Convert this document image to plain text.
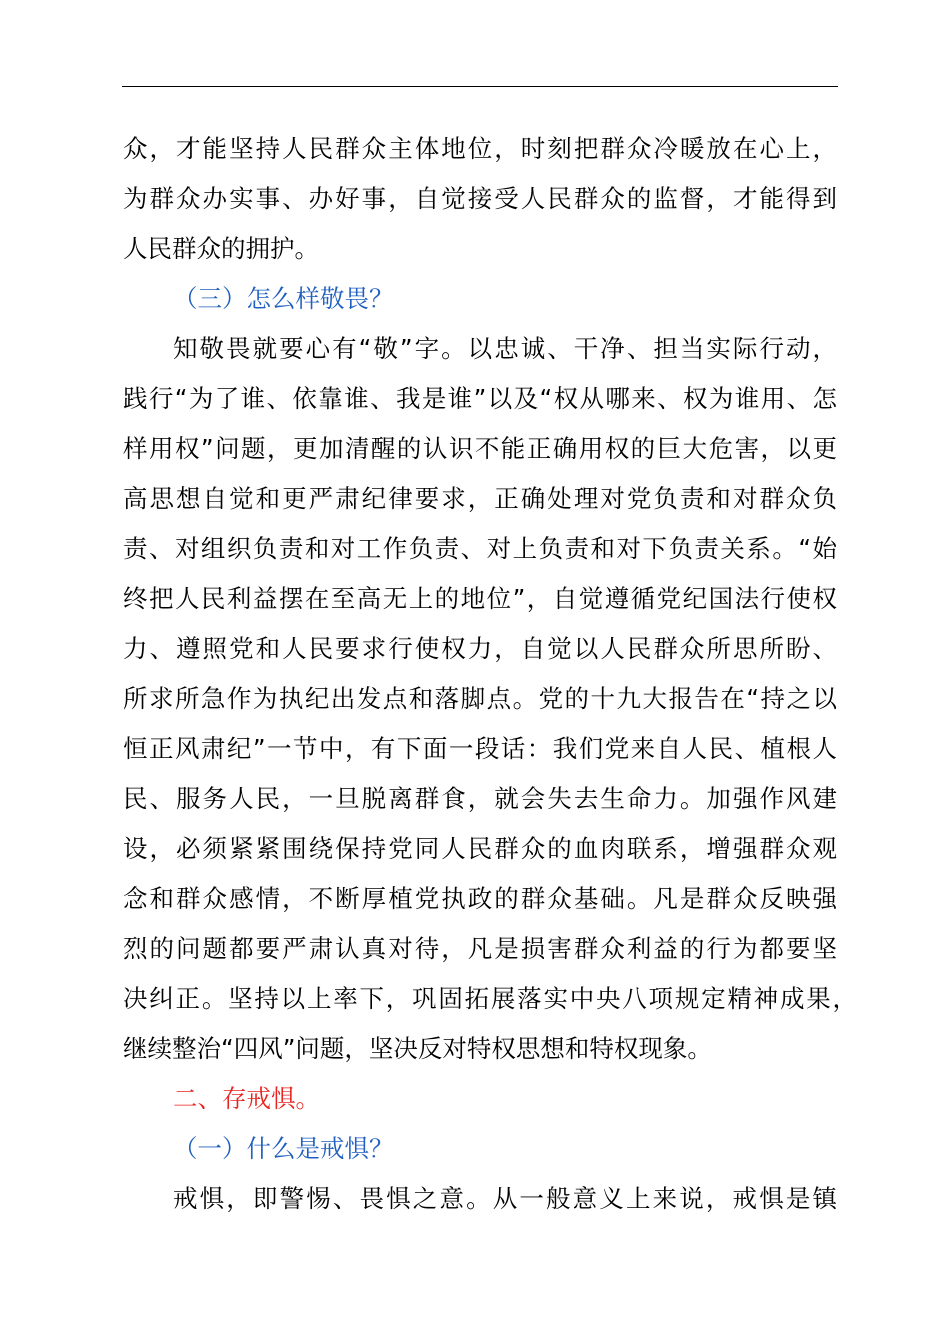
众，才能坚持人民群众主体地位，时刻把群众冷暖放在心上，
为群众办实事、办好事，自觉接受人民群众的监督，才能得到
人民群众的拥护。
（三）怎么样敬畏？
知敬畏就要心有“敬”字。以忠诚、干净、担当实际行动，
践行“为了谁、依靠谁、我是谁”以及“权从哪来、权为谁用、怎
样用权”问题，更加清醒的认识不能正确用权的巨大危害，以更
高思想自觉和更严肃纪律要求，正确处理对党负责和对群众负
责、对组织负责和对工作负责、对上负责和对下负责关系。“始
终把人民利益摆在至高无上的地位”，自觉遵循党纪国法行使权
力、遵照党和人民要求行使权力，自觉以人民群众所思所盼、
所求所急作为执纪出发点和落脚点。党的十九大报告在“持之以
恒正风肃纪”一节中，有下面一段话：我们党来自人民、植根人
民、服务人民，一旦脱离群食，就会失去生命力。加强作风建
设，必须紧紧围绕保持党同人民群众的血肉联系，增强群众观
念和群众感情，不断厚植党执政的群众基础。凡是群众反映强
烈的问题都要严肃认真对待，凡是损害群众利益的行为都要坚
决纠正。坚持以上率下，巩固拓展落实中央八项规定精神成果，
继续整治“四风”问题，坚决反对特权思想和特权现象。
二、存戒惧。
（一）什么是戒惧？
戒惧，即警惕、畏惧之意。从一般意义上来说，戒惧是镇
